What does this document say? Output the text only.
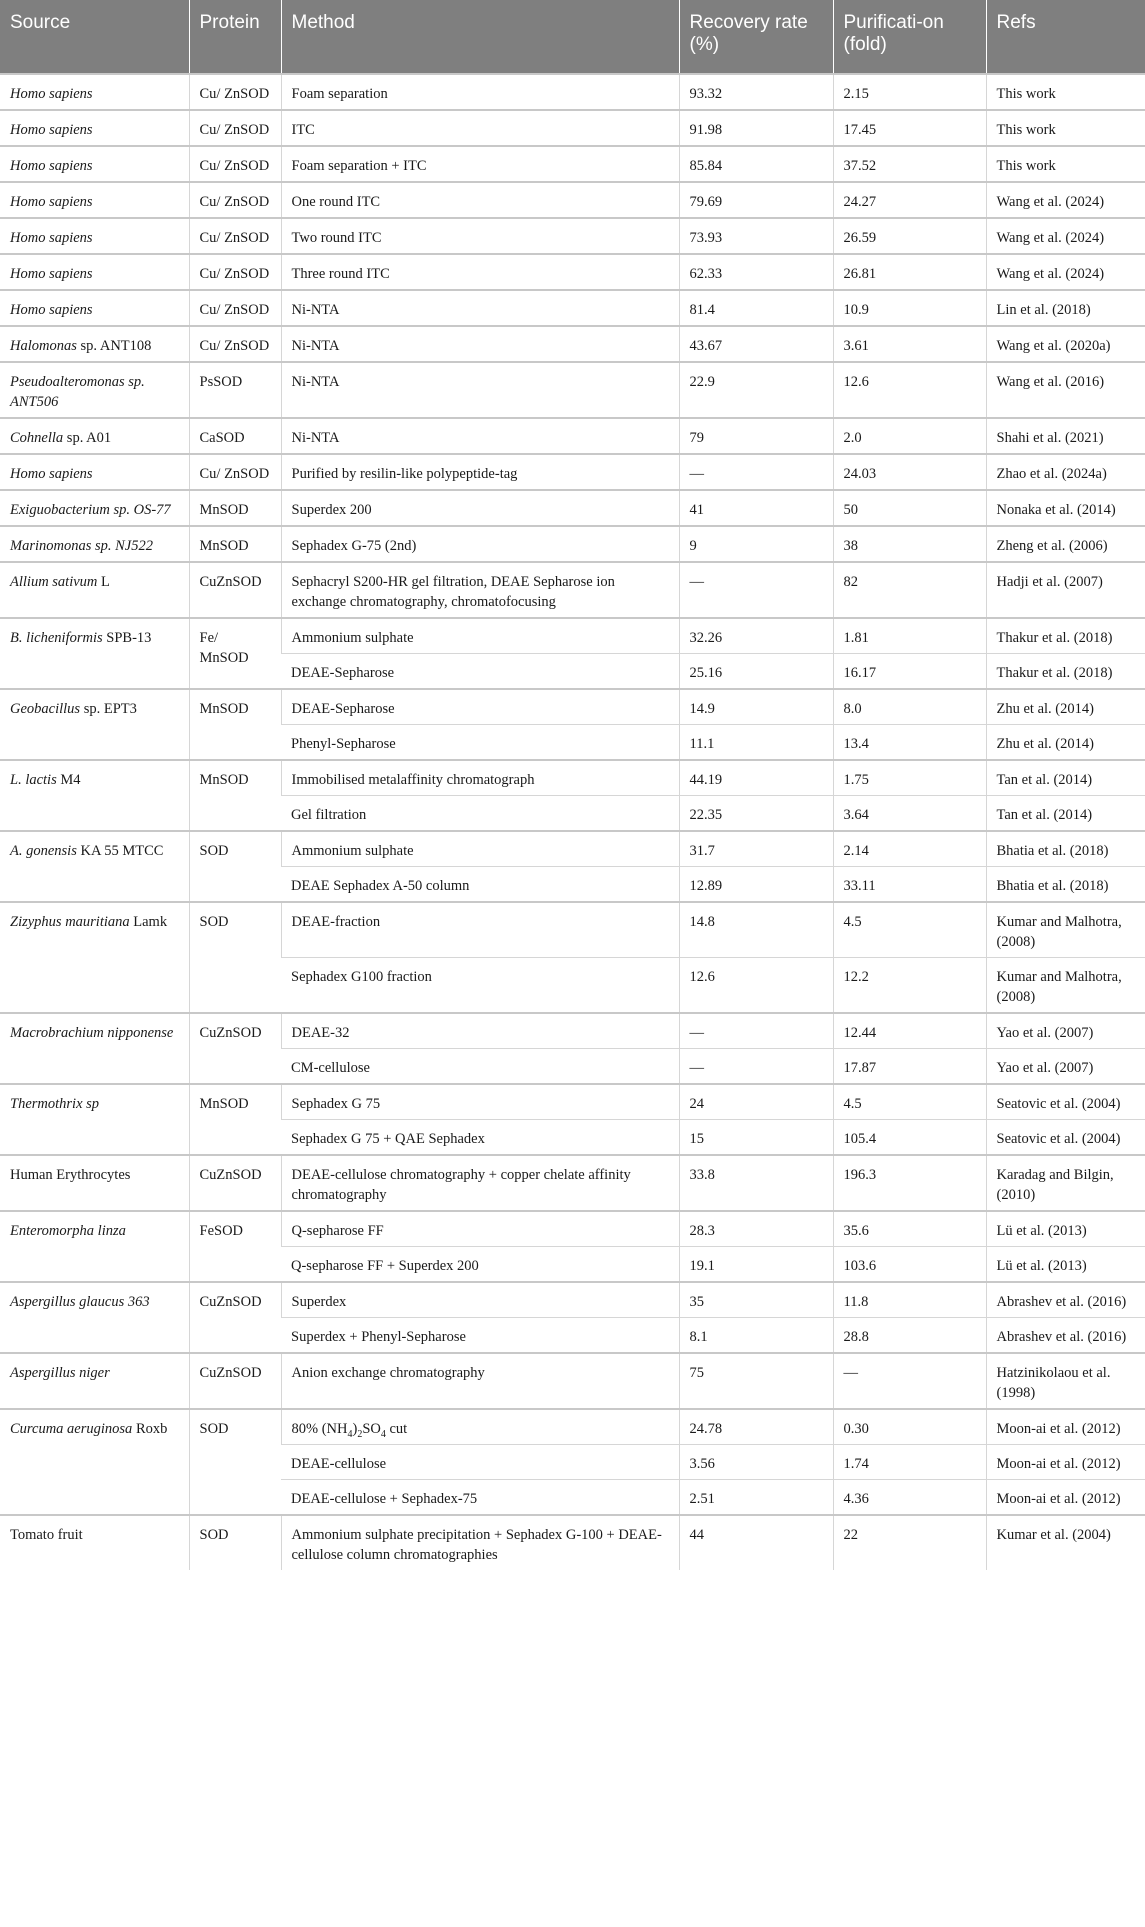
Source	Protein	Method	Recovery rate (%)	Purificati-on (fold)	Refs
Homo sapiens	Cu/ ZnSOD	Foam separation	93.32	2.15	This work
Homo sapiens	Cu/ ZnSOD	ITC	91.98	17.45	This work
Homo sapiens	Cu/ ZnSOD	Foam separation + ITC	85.84	37.52	This work
Homo sapiens	Cu/ ZnSOD	One round ITC	79.69	24.27	Wang et al. (2024)
Homo sapiens	Cu/ ZnSOD	Two round ITC	73.93	26.59	Wang et al. (2024)
Homo sapiens	Cu/ ZnSOD	Three round ITC	62.33	26.81	Wang et al. (2024)
Homo sapiens	Cu/ ZnSOD	Ni-NTA	81.4	10.9	Lin et al. (2018)
Halomonas sp. ANT108	Cu/ ZnSOD	Ni-NTA	43.67	3.61	Wang et al. (2020a)
Pseudoalteromonas sp. ANT506	PsSOD	Ni-NTA	22.9	12.6	Wang et al. (2016)
Cohnella sp. A01	CaSOD	Ni-NTA	79	2.0	Shahi et al. (2021)
Homo sapiens	Cu/ ZnSOD	Purified by resilin-like polypeptide-tag	—	24.03	Zhao et al. (2024a)
Exiguobacterium sp. OS-77	MnSOD	Superdex 200	41	50	Nonaka et al. (2014)
Marinomonas sp. NJ522	MnSOD	Sephadex G-75 (2nd)	9	38	Zheng et al. (2006)
Allium sativum L	CuZnSOD	Sephacryl S200-HR gel filtration, DEAE Sepharose ion exchange chromatography, chromatofocusing	—	82	Hadji et al. (2007)
B. licheniformis SPB-13	Fe/ MnSOD	Ammonium sulphate	32.26	1.81	Thakur et al. (2018)
		DEAE-Sepharose	25.16	16.17	Thakur et al. (2018)
Geobacillus sp. EPT3	MnSOD	DEAE-Sepharose	14.9	8.0	Zhu et al. (2014)
		Phenyl-Sepharose	11.1	13.4	Zhu et al. (2014)
L. lactis M4	MnSOD	Immobilised metalaffinity chromatograph	44.19	1.75	Tan et al. (2014)
		Gel filtration	22.35	3.64	Tan et al. (2014)
A. gonensis KA 55 MTCC	SOD	Ammonium sulphate	31.7	2.14	Bhatia et al. (2018)
		DEAE Sephadex A-50 column	12.89	33.11	Bhatia et al. (2018)
Zizyphus mauritiana Lamk	SOD	DEAE-fraction	14.8	4.5	Kumar and Malhotra, (2008)
		Sephadex G100 fraction	12.6	12.2	Kumar and Malhotra, (2008)
Macrobrachium nipponense	CuZnSOD	DEAE-32	—	12.44	Yao et al. (2007)
		CM-cellulose	—	17.87	Yao et al. (2007)
Thermothrix sp	MnSOD	Sephadex G 75	24	4.5	Seatovic et al. (2004)
		Sephadex G 75 + QAE Sephadex	15	105.4	Seatovic et al. (2004)
Human Erythrocytes	CuZnSOD	DEAE-cellulose chromatography + copper chelate affinity chromatography	33.8	196.3	Karadag and Bilgin, (2010)
Enteromorpha linza	FeSOD	Q-sepharose FF	28.3	35.6	Lü et al. (2013)
		Q-sepharose FF + Superdex 200	19.1	103.6	Lü et al. (2013)
Aspergillus glaucus 363	CuZnSOD	Superdex	35	11.8	Abrashev et al. (2016)
		Superdex + Phenyl-Sepharose	8.1	28.8	Abrashev et al. (2016)
Aspergillus niger	CuZnSOD	Anion exchange chromatography	75	—	Hatzinikolaou et al. (1998)
Curcuma aeruginosa Roxb	SOD	80% $(NH_4)_2SO_4$ cut	24.78	0.30	Moon-ai et al. (2012)
		DEAE-cellulose	3.56	1.74	Moon-ai et al. (2012)
		DEAE-cellulose + Sephadex-75	2.51	4.36	Moon-ai et al. (2012)
Tomato fruit	SOD	Ammonium sulphate precipitation + Sephadex G-100 + DEAE-cellulose column chromatographies	44	22	Kumar et al. (2004)
